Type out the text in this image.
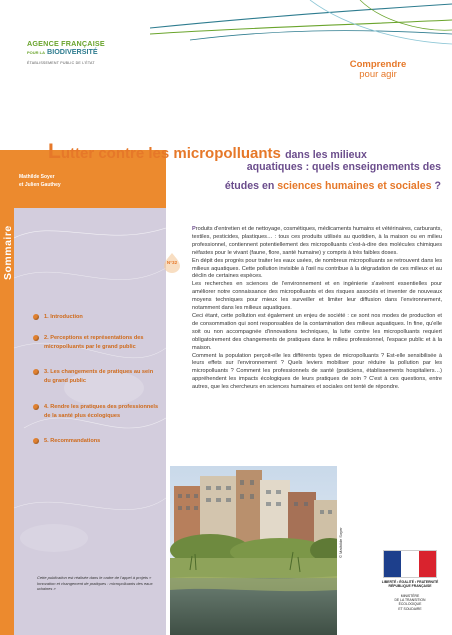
AGENCE FRANÇAISE
POUR LA BIODIVERSITÉ
ÉTABLISSEMENT PUBLIC DE L'ÉTAT	Comprendre
pour agir
Mathilde Soyer
et Julien Gauthey
Sommaire
1. Introduction
2. Perceptions et représentations des micropolluants par le grand public
3. Les changements de pratiques au sein du grand public
4. Rendre les pratiques des professionnels de la santé plus écologiques
5. Recommandations
Cette publication est réalisée dans le cadre de l'appel à projets « Innovation et changement de pratiques : micropolluants des eaux urbaines »
Lutter contre les micropolluants dans les milieux
aquatiques : quels enseignements des
études en sciences humaines et sociales ?
N°32

Produits d'entretien et de nettoyage, cosmétiques, médicaments humains et vétérinaires, carburants, textiles, pesticides, plastiques… : tous ces produits utilisés au quotidien, à la maison ou en milieu professionnel, contiennent potentiellement des micropolluants c'est-à-dire des molécules chimiques néfastes pour le vivant (faune, flore, santé humaine) y compris à très faibles doses.

En dépit des progrès pour traiter les eaux usées, de nombreux micropolluants se retrouvent dans les milieux aquatiques. Cette pollution invisible à l'œil nu contribue à la dégradation de ces milieux et au déclin de certaines espèces.

Les recherches en sciences de l'environnement et en ingénierie s'avèrent essentielles pour améliorer notre connaissance des micropolluants et des risques associés et inventer de nouveaux moyens techniques pour mieux les surveiller et limiter leur diffusion dans l'environnement, notamment dans les milieux aquatiques.

Ceci étant, cette pollution est également un enjeu de société : ce sont nos modes de production et de consommation qui sont responsables de la contamination des milieux aquatiques. In fine, qu'elle soit ou non accompagnée d'innovations techniques, la lutte contre les micropolluants requiert obligatoirement des changements de pratiques dans le milieu professionnel, l'espace public et à la maison.

Comment la population perçoit-elle les différents types de micropolluants ? Est-elle sensibilisée à leurs effets sur l'environnement ? Quels leviers mobiliser pour réduire la pollution par les micropolluants ? Comment les professionnels de santé (praticiens, établissements hospitaliers…) appréhendent les impacts écologiques de leurs pratiques de soin ? C'est à ces questions, entre autres, que les chercheurs en sciences humaines et sociales ont tenté de répondre.

© Mathilde Soyer
LIBERTÉ • ÉGALITÉ • FRATERNITÉ
RÉPUBLIQUE FRANÇAISE
MINISTÈRE
DE LA TRANSITION
ÉCOLOGIQUE
ET SOLIDAIRE
